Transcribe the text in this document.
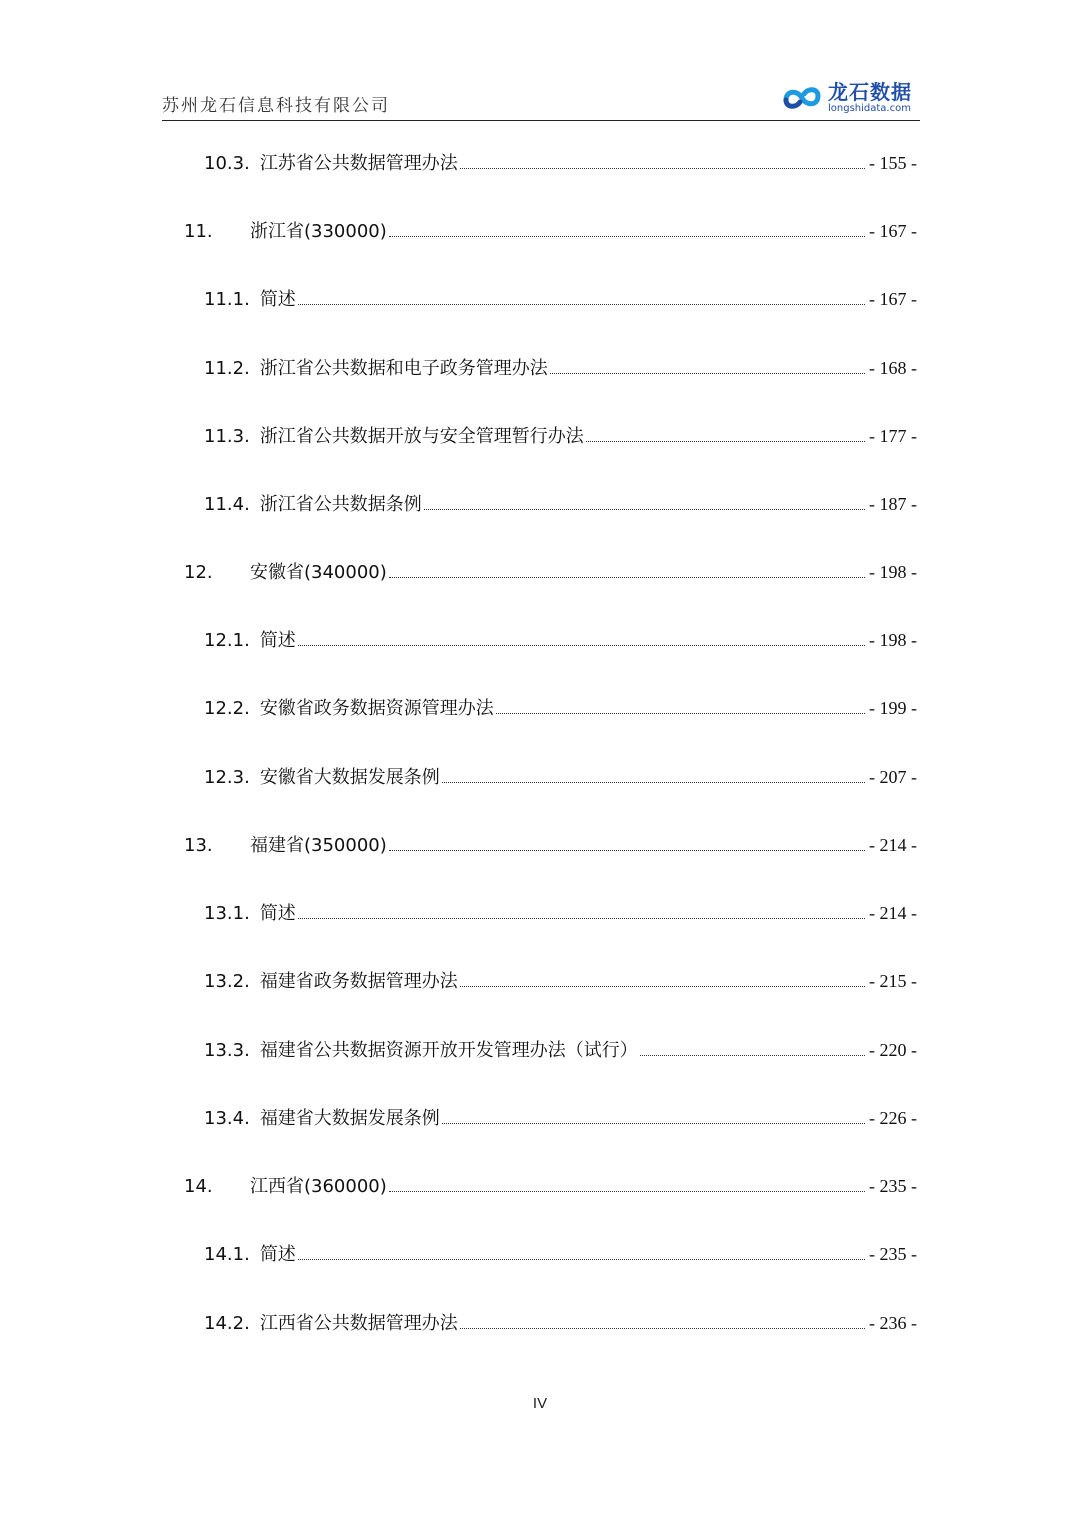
苏州龙石信息科技有限公司
龙石数据
longshidata.com
10.3. 江苏省公共数据管理办法	- 155 -
11.	浙江省(330000)	- 167 -
11.1. 简述	- 167 -
11.2. 浙江省公共数据和电子政务管理办法	- 168 -
11.3. 浙江省公共数据开放与安全管理暂行办法	- 177 -
11.4. 浙江省公共数据条例	- 187 -
12.	安徽省(340000)	- 198 -
12.1. 简述	- 198 -
12.2. 安徽省政务数据资源管理办法	- 199 -
12.3. 安徽省大数据发展条例	- 207 -
13.	福建省(350000)	- 214 -
13.1. 简述	- 214 -
13.2. 福建省政务数据管理办法	- 215 -
13.3. 福建省公共数据资源开放开发管理办法（试行）	- 220 -
13.4. 福建省大数据发展条例	- 226 -
14.	江西省(360000)	- 235 -
14.1. 简述	- 235 -
14.2. 江西省公共数据管理办法	- 236 -
IV
